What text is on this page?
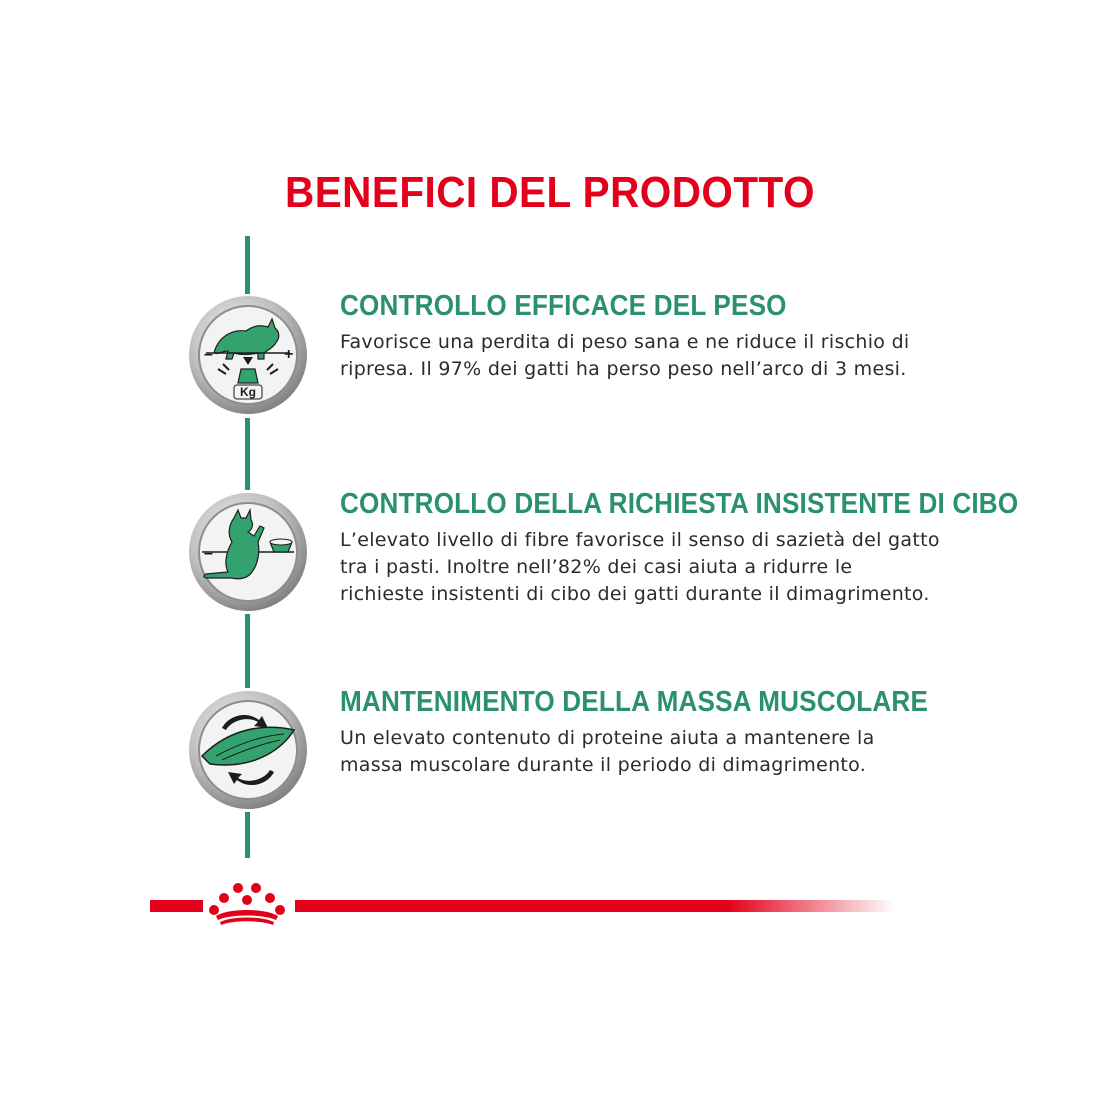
BENEFICI DEL PRODOTTO
Kg
–	+
–
CONTROLLO EFFICACE DEL PESO

Favorisce una perdita di peso sana e ne riduce il rischio di ripresa. Il 97% dei gatti ha perso peso nell’arco di 3 mesi.

CONTROLLO DELLA RICHIESTA INSISTENTE DI CIBO

L’elevato livello di fibre favorisce il senso di sazietà del gatto tra i pasti. Inoltre nell’82% dei casi aiuta a ridurre le richieste insistenti di cibo dei gatti durante il dimagrimento.

MANTENIMENTO DELLA MASSA MUSCOLARE

Un elevato contenuto di proteine aiuta a mantenere la massa muscolare durante il periodo di dimagrimento.
